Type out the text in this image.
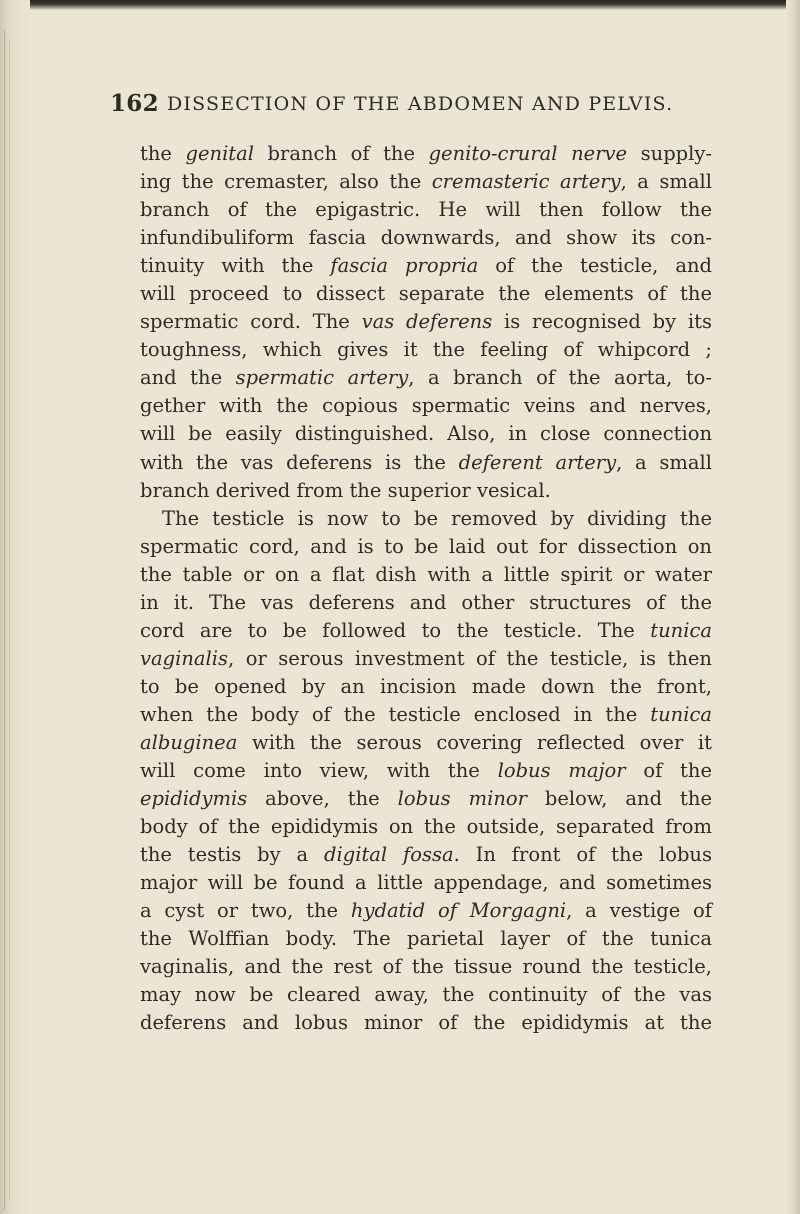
162 DISSECTION OF THE ABDOMEN AND PELVIS.
the genital branch of the genito-crural nerve supply-
ing the cremaster, also the cremasteric artery, a small
branch of the epigastric. He will then follow the
infundibuliform fascia downwards, and show its con-
tinuity with the fascia propria of the testicle, and
will proceed to dissect separate the elements of the
spermatic cord. The vas deferens is recognised by its
toughness, which gives it the feeling of whipcord ;
and the spermatic artery, a branch of the aorta, to-
gether with the copious spermatic veins and nerves,
will be easily distinguished. Also, in close connection
with the vas deferens is the deferent artery, a small
branch derived from the superior vesical.
The testicle is now to be removed by dividing the
spermatic cord, and is to be laid out for dissection on
the table or on a flat dish with a little spirit or water
in it. The vas deferens and other structures of the
cord are to be followed to the testicle. The tunica
vaginalis, or serous investment of the testicle, is then
to be opened by an incision made down the front,
when the body of the testicle enclosed in the tunica
albuginea with the serous covering reflected over it
will come into view, with the lobus major of the
epididymis above, the lobus minor below, and the
body of the epididymis on the outside, separated from
the testis by a digital fossa. In front of the lobus
major will be found a little appendage, and sometimes
a cyst or two, the hydatid of Morgagni, a vestige of
the Wolffian body. The parietal layer of the tunica
vaginalis, and the rest of the tissue round the testicle,
may now be cleared away, the continuity of the vas
deferens and lobus minor of the epididymis at the
